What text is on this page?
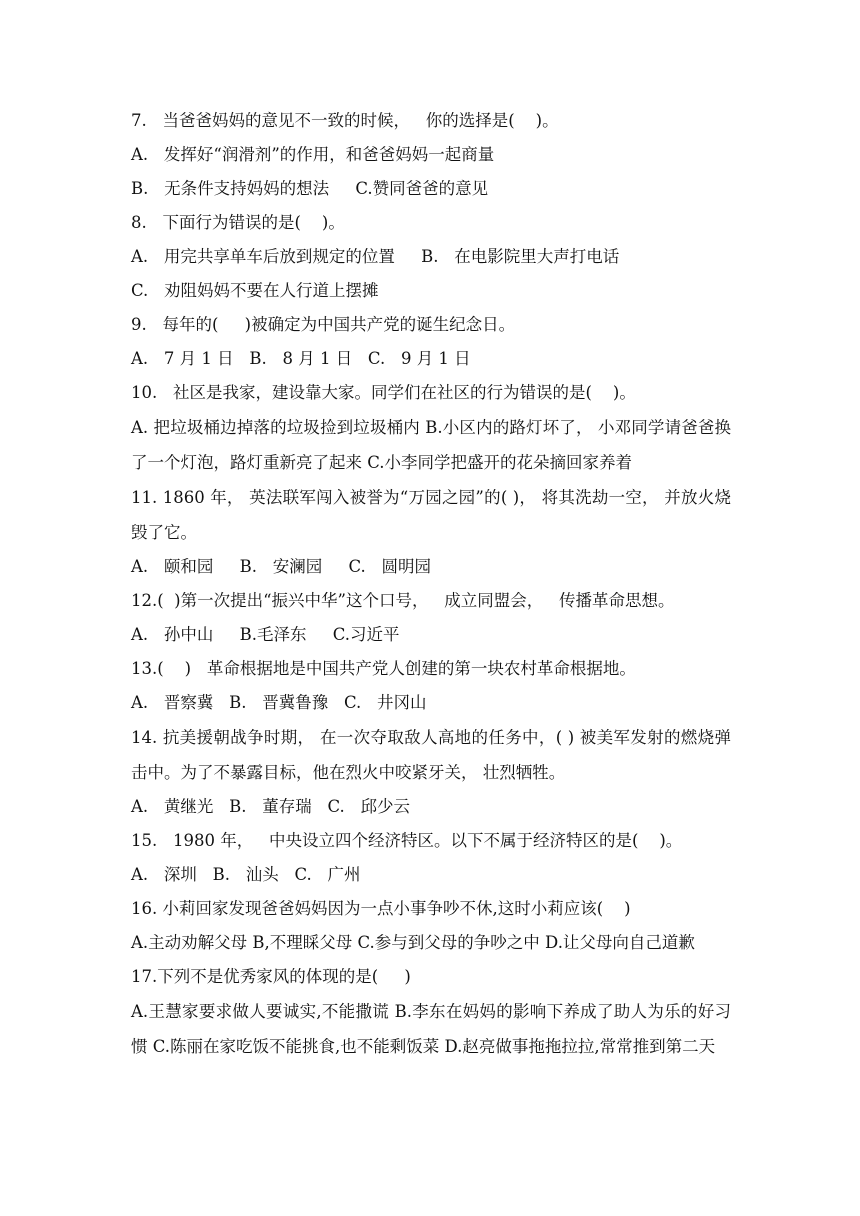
7.   当爸爸妈妈的意见不一致的时候，   你的选择是(    )。
A.   发挥好“润滑剂”的作用，和爸爸妈妈一起商量
B.   无条件支持妈妈的想法     C.赞同爸爸的意见
8.   下面行为错误的是(    )。
A.   用完共享单车后放到规定的位置     B.   在电影院里大声打电话
C.   劝阻妈妈不要在人行道上摆摊
9.   每年的(     )被确定为中国共产党的诞生纪念日。
A.   7 月 1 日   B.   8 月 1 日   C.   9 月 1 日
10.   社区是我家，建设靠大家。同学们在社区的行为错误的是(    )。
A. 把垃圾桶边掉落的垃圾捡到垃圾桶内 B.小区内的路灯坏了， 小邓同学请爸爸换了一个灯泡，路灯重新亮了起来 C.小李同学把盛开的花朵摘回家养着
11. 1860 年， 英法联军闯入被誉为“万园之园”的( )， 将其洗劫一空， 并放火烧毁了它。
A.   颐和园     B.   安澜园     C.   圆明园
12.(  )第一次提出“振兴中华”这个口号，   成立同盟会，   传播革命思想。
A.   孙中山     B.毛泽东     C.习近平
13.(    )   革命根据地是中国共产党人创建的第一块农村革命根据地。
A.   晋察冀   B.   晋冀鲁豫   C.   井冈山
14. 抗美援朝战争时期， 在一次夺取敌人高地的任务中，( ) 被美军发射的燃烧弹击中。为了不暴露目标，他在烈火中咬紧牙关， 壮烈牺牲。
A.   黄继光   B.   董存瑞   C.   邱少云
15.   1980 年，   中央设立四个经济特区。以下不属于经济特区的是(    )。
A.   深圳   B.   汕头   C.   广州
16. 小莉回家发现爸爸妈妈因为一点小事争吵不休,这时小莉应该(    )
A.主动劝解父母 B,不理睬父母 C.参与到父母的争吵之中 D.让父母向自己道歉
17.下列不是优秀家风的体现的是(     )
A.王慧家要求做人要诚实,不能撒谎 B.李东在妈妈的影响下养成了助人为乐的好习惯 C.陈丽在家吃饭不能挑食,也不能剩饭菜 D.赵亮做事拖拖拉拉,常常推到第二天
